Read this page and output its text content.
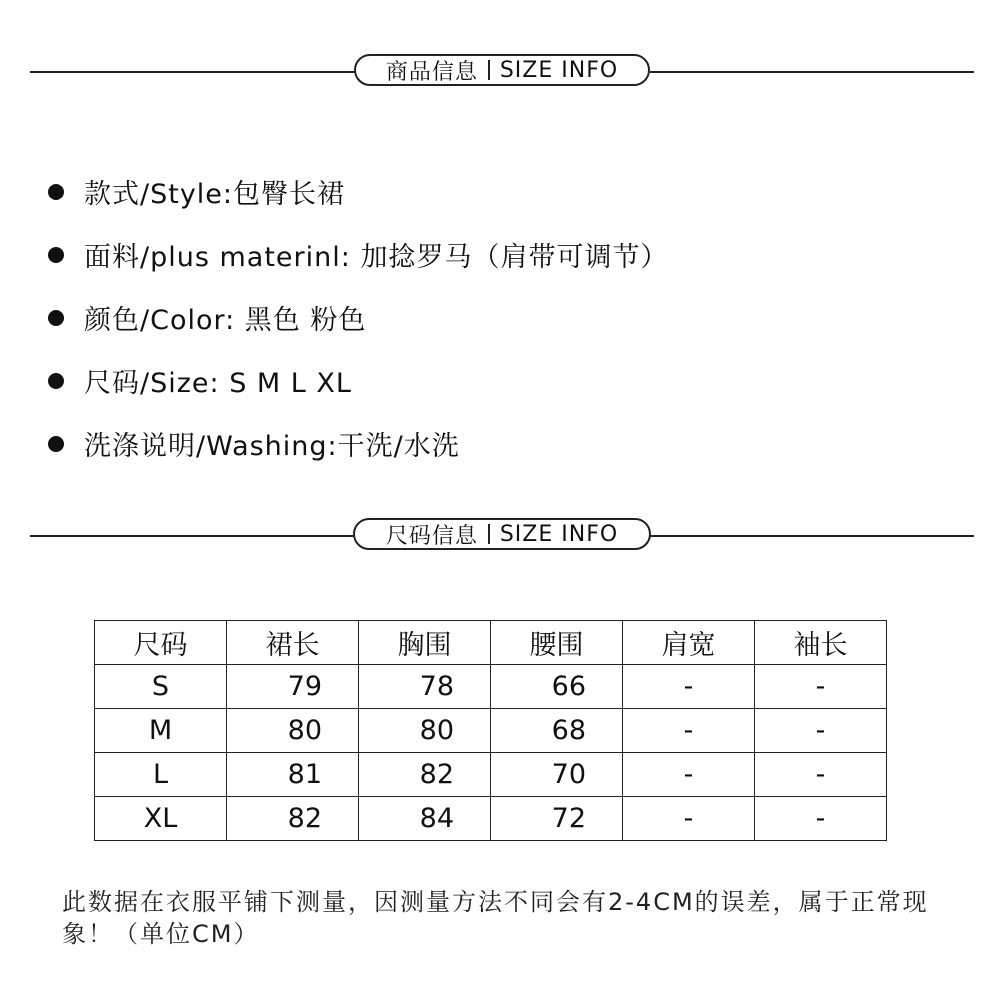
商品信息 SIZE INFO
款式/Style:包臀长裙
面料/plus materinl: 加捻罗马（肩带可调节）
颜色/Color: 黑色 粉色
尺码/Size: S M L XL
洗涤说明/Washing:干洗/水洗
尺码信息 SIZE INFO
尺码	裙长	胸围	腰围	肩宽	袖长
S	79	78	66	-	-
M	80	80	68	-	-
L	81	82	70	-	-
XL	82	84	72	-	-
此数据在衣服平铺下测量，因测量方法不同会有2-4CM的误差，属于正常现象！（单位CM）
